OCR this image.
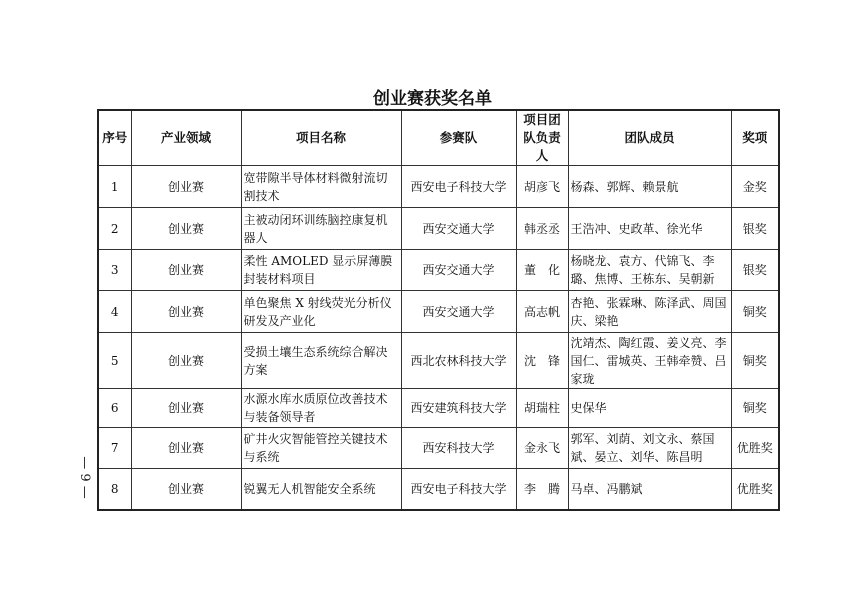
创业赛获奖名单
序号	产业领域	项目名称	参赛队	项目团队负责人	团队成员	奖项
1	创业赛	宽带隙半导体材料微射流切割技术	西安电子科技大学	胡彦飞	杨森、郭辉、赖景航	金奖
2	创业赛	主被动闭环训练脑控康复机器人	西安交通大学	韩丞丞	王浩冲、史政革、徐光华	银奖
3	创业赛	柔性 AMOLED 显示屏薄膜封装材料项目	西安交通大学	董　化	杨晓龙、袁方、代锦飞、李璐、焦博、王栋东、吴朝新	银奖
4	创业赛	单色聚焦 X 射线荧光分析仪研发及产业化	西安交通大学	高志帆	杏艳、张霖琳、陈泽武、周国庆、梁艳	铜奖
5	创业赛	受损土壤生态系统综合解决方案	西北农林科技大学	沈　锋	沈靖杰、陶红霞、姜义亮、李国仁、雷城英、王韩牵赞、吕家珑	铜奖
6	创业赛	水源水库水质原位改善技术与装备领导者	西安建筑科技大学	胡瑞柱	史保华	铜奖
7	创业赛	矿井火灾智能管控关键技术与系统	西安科技大学	金永飞	郭军、刘荫、刘文永、蔡国斌、晏立、刘华、陈昌明	优胜奖
8	创业赛	锐翼无人机智能安全系统	西安电子科技大学	李　腾	马卓、冯鹏斌	优胜奖
— 9 —
